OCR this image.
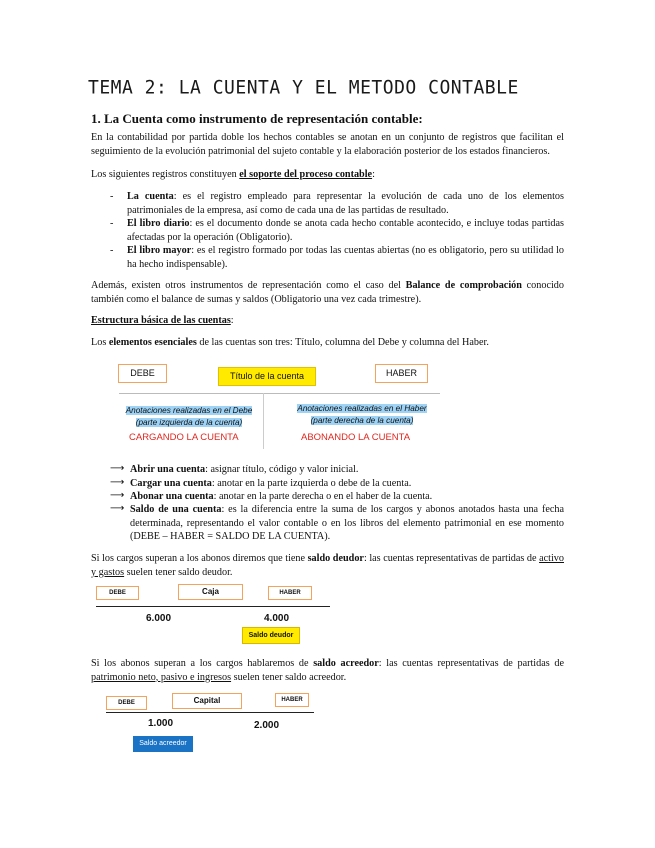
TEMA 2: LA CUENTA Y EL METODO CONTABLE
1. La Cuenta como instrumento de representación contable:
En la contabilidad por partida doble los hechos contables se anotan en un conjunto de registros que facilitan el seguimiento de la evolución patrimonial del sujeto contable y la elaboración posterior de los estados financieros.
Los siguientes registros constituyen el soporte del proceso contable:
- La cuenta: es el registro empleado para representar la evolución de cada uno de los elementos patrimoniales de la empresa, así como de cada una de las partidas de resultado.
- El libro diario: es el documento donde se anota cada hecho contable acontecido, e incluye todas partidas afectadas por la operación (Obligatorio).
- El libro mayor: es el registro formado por todas las cuentas abiertas (no es obligatorio, pero su utilidad lo ha hecho indispensable).
Además, existen otros instrumentos de representación como el caso del Balance de comprobación conocido también como el balance de sumas y saldos (Obligatorio una vez cada trimestre).
Estructura básica de las cuentas:
Los elementos esenciales de las cuentas son tres: Título, columna del Debe y columna del Haber.
DEBE	Título de la cuenta	HABER
Anotaciones realizadas en el Debe
(parte izquierda de la cuenta)
Anotaciones realizadas en el Haber
(parte derecha de la cuenta)
CARGANDO LA CUENTA	ABONANDO LA CUENTA
⟶ Abrir una cuenta: asignar título, código y valor inicial.
⟶ Cargar una cuenta: anotar en la parte izquierda o debe de la cuenta.
⟶ Abonar una cuenta: anotar en la parte derecha o en el haber de la cuenta.
⟶ Saldo de una cuenta: es la diferencia entre la suma de los cargos y abonos anotados hasta una fecha determinada, representando el valor contable o en los libros del elemento patrimonial en ese momento (DEBE – HABER = SALDO DE LA CUENTA).
Si los cargos superan a los abonos diremos que tiene saldo deudor: las cuentas representativas de partidas de activo y gastos suelen tener saldo deudor.
DEBE	Caja	HABER
6.000	4.000
Saldo deudor
Si los abonos superan a los cargos hablaremos de saldo acreedor: las cuentas representativas de partidas de patrimonio neto, pasivo e ingresos suelen tener saldo acreedor.
DEBE	Capital	HABER
1.000	2.000
Saldo acreedor
